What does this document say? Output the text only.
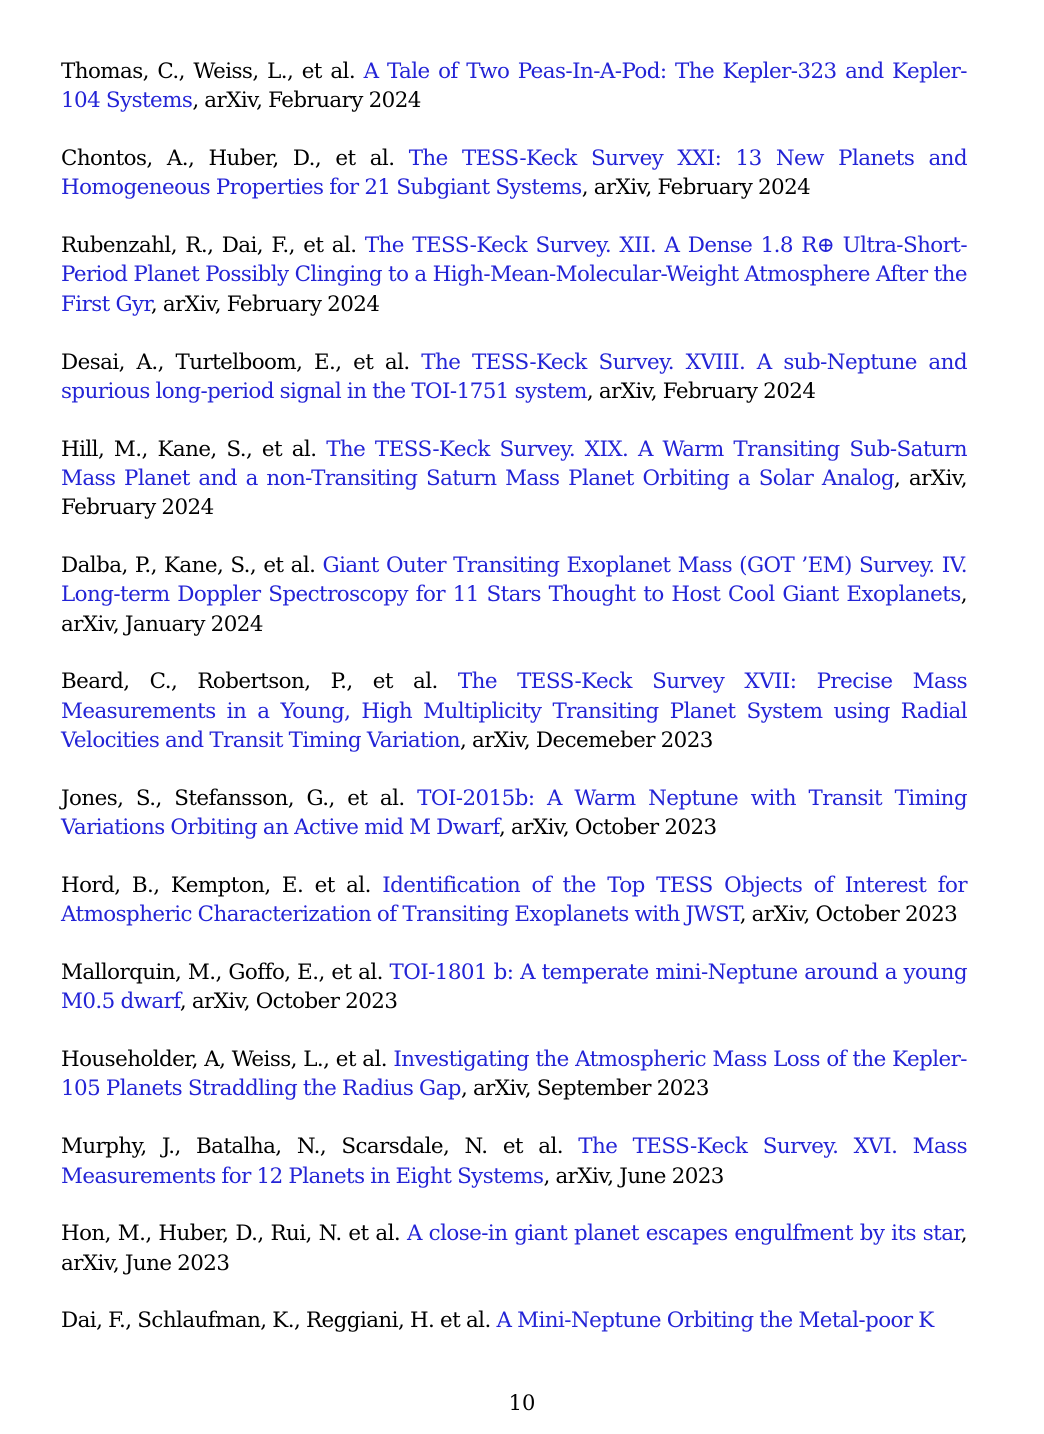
Thomas, C., Weiss, L., et al. A Tale of Two Peas-In-A-Pod: The Kepler-323 and Kepler-104 Systems, arXiv, February 2024
Chontos, A., Huber, D., et al. The TESS-Keck Survey XXI: 13 New Planets and Homogeneous Properties for 21 Subgiant Systems, arXiv, February 2024
Rubenzahl, R., Dai, F., et al. The TESS-Keck Survey. XII. A Dense 1.8 R⊕ Ultra-Short-Period Planet Possibly Clinging to a High-Mean-Molecular-Weight Atmosphere After the First Gyr, arXiv, February 2024
Desai, A., Turtelboom, E., et al. The TESS-Keck Survey. XVIII. A sub-Neptune and spurious long-period signal in the TOI-1751 system, arXiv, February 2024
Hill, M., Kane, S., et al. The TESS-Keck Survey. XIX. A Warm Transiting Sub-Saturn Mass Planet and a non-Transiting Saturn Mass Planet Orbiting a Solar Analog, arXiv, February 2024
Dalba, P., Kane, S., et al. Giant Outer Transiting Exoplanet Mass (GOT ’EM) Survey. IV. Long-term Doppler Spectroscopy for 11 Stars Thought to Host Cool Giant Exoplanets, arXiv, January 2024
Beard, C., Robertson, P., et al. The TESS-Keck Survey XVII: Precise Mass Measurements in a Young, High Multiplicity Transiting Planet System using Radial Velocities and Transit Timing Variation, arXiv, Decemeber 2023
Jones, S., Stefansson, G., et al. TOI-2015b: A Warm Neptune with Transit Timing Variations Orbiting an Active mid M Dwarf, arXiv, October 2023
Hord, B., Kempton, E. et al. Identification of the Top TESS Objects of Interest for Atmospheric Characterization of Transiting Exoplanets with JWST, arXiv, October 2023
Mallorquin, M., Goffo, E., et al. TOI-1801 b: A temperate mini-Neptune around a young M0.5 dwarf, arXiv, October 2023
Householder, A, Weiss, L., et al. Investigating the Atmospheric Mass Loss of the Kepler-105 Planets Straddling the Radius Gap, arXiv, September 2023
Murphy, J., Batalha, N., Scarsdale, N. et al. The TESS-Keck Survey. XVI. Mass Measurements for 12 Planets in Eight Systems, arXiv, June 2023
Hon, M., Huber, D., Rui, N. et al. A close-in giant planet escapes engulfment by its star, arXiv, June 2023
Dai, F., Schlaufman, K., Reggiani, H. et al. A Mini-Neptune Orbiting the Metal-poor K
10
